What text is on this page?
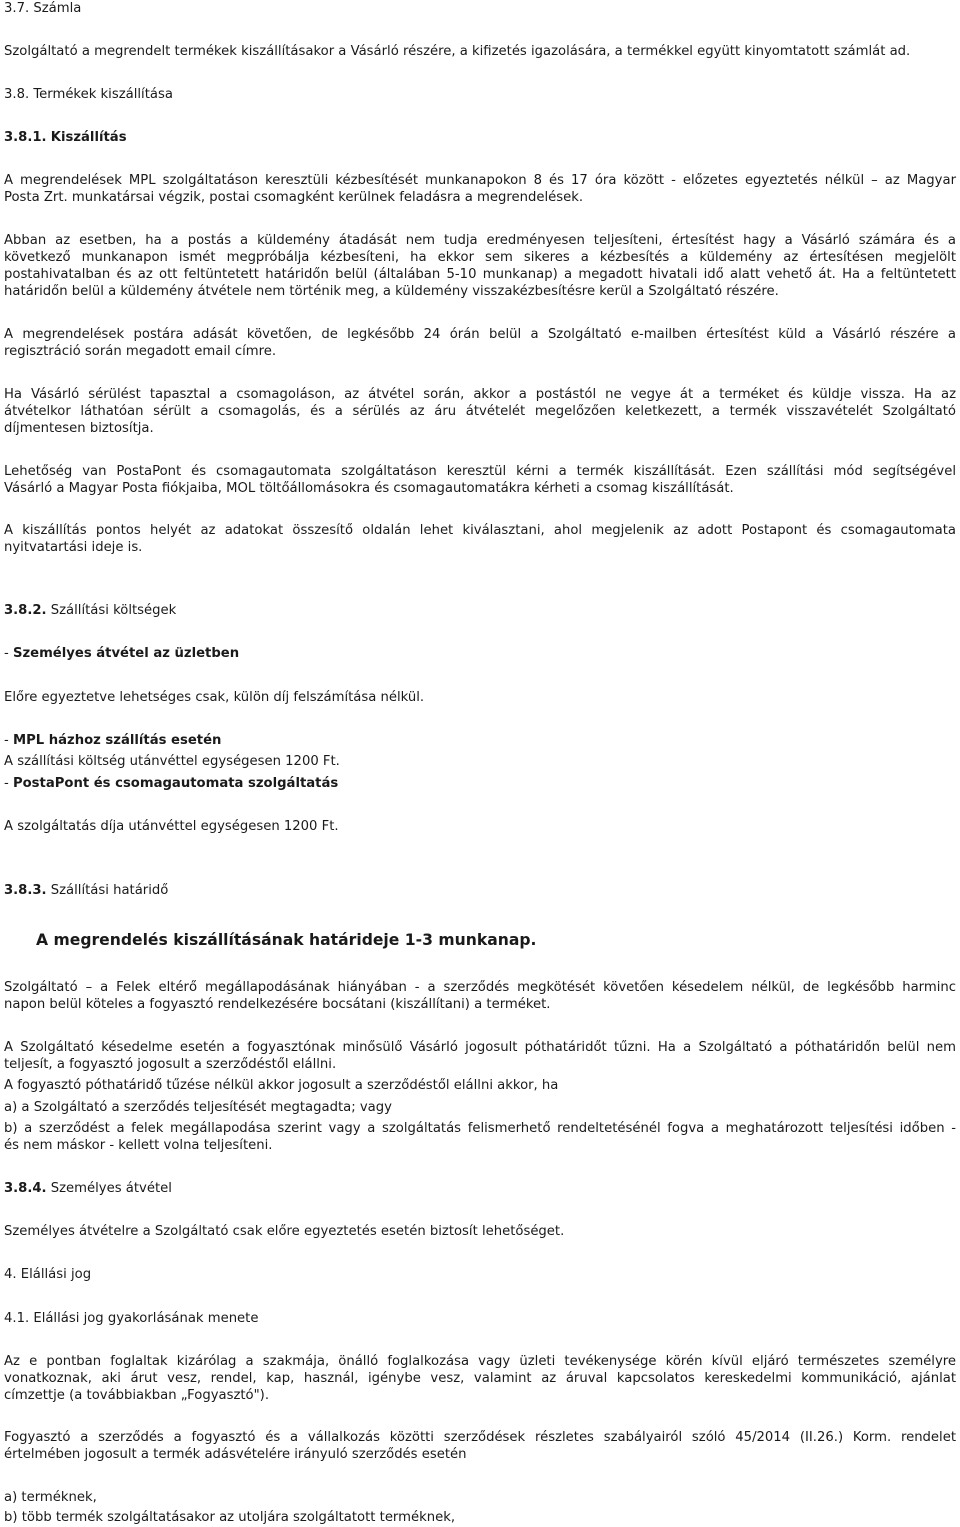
3.7. Számla
Szolgáltató a megrendelt termékek kiszállításakor a Vásárló részére, a kifizetés igazolására, a termékkel együtt kinyomtatott számlát ad.
3.8. Termékek kiszállítása
3.8.1. Kiszállítás
A megrendelések MPL szolgáltatáson keresztüli kézbesítését munkanapokon 8 és 17 óra között - előzetes egyeztetés nélkül – az Magyar
Posta Zrt. munkatársai végzik, postai csomagként kerülnek feladásra a megrendelések.
Abban az esetben, ha a postás a küldemény átadását nem tudja eredményesen teljesíteni, értesítést hagy a Vásárló számára és a
következő munkanapon ismét megpróbálja kézbesíteni, ha ekkor sem sikeres a kézbesítés a küldemény az értesítésen megjelölt
postahivatalban és az ott feltüntetett határidőn belül (általában 5-10 munkanap) a megadott hivatali idő alatt vehető át. Ha a feltüntetett
határidőn belül a küldemény átvétele nem történik meg, a küldemény visszakézbesítésre kerül a Szolgáltató részére.
A megrendelések postára adását követően, de legkésőbb 24 órán belül a Szolgáltató e-mailben értesítést küld a Vásárló részére a
regisztráció során megadott email címre.
Ha Vásárló sérülést tapasztal a csomagoláson, az átvétel során, akkor a postástól ne vegye át a terméket és küldje vissza. Ha az
átvételkor láthatóan sérült a csomagolás, és a sérülés az áru átvételét megelőzően keletkezett, a termék visszavételét Szolgáltató
díjmentesen biztosítja.
Lehetőség van PostaPont és csomagautomata szolgáltatáson keresztül kérni a termék kiszállítását. Ezen szállítási mód segítségével
Vásárló a Magyar Posta fiókjaiba, MOL töltőállomásokra és csomagautomatákra kérheti a csomag kiszállítását.
A kiszállítás pontos helyét az adatokat összesítő oldalán lehet kiválasztani, ahol megjelenik az adott Postapont és csomagautomata
nyitvatartási ideje is.
3.8.2. Szállítási költségek
- Személyes átvétel az üzletben
Előre egyeztetve lehetséges csak, külön díj felszámítása nélkül.
- MPL házhoz szállítás esetén
A szállítási költség utánvéttel egységesen 1200 Ft.
- PostaPont és csomagautomata szolgáltatás
A szolgáltatás díja utánvéttel egységesen 1200 Ft.
3.8.3. Szállítási határidő
A megrendelés kiszállításának határideje 1-3 munkanap.
Szolgáltató – a Felek eltérő megállapodásának hiányában - a szerződés megkötését követően késedelem nélkül, de legkésőbb harminc
napon belül köteles a fogyasztó rendelkezésére bocsátani (kiszállítani) a terméket.
A Szolgáltató késedelme esetén a fogyasztónak minősülő Vásárló jogosult póthatáridőt tűzni. Ha a Szolgáltató a póthatáridőn belül nem
teljesít, a fogyasztó jogosult a szerződéstől elállni.
A fogyasztó póthatáridő tűzése nélkül akkor jogosult a szerződéstől elállni akkor, ha
a) a Szolgáltató a szerződés teljesítését megtagadta; vagy
b) a szerződést a felek megállapodása szerint vagy a szolgáltatás felismerhető rendeltetésénél fogva a meghatározott teljesítési időben -
és nem máskor - kellett volna teljesíteni.
3.8.4. Személyes átvétel
Személyes átvételre a Szolgáltató csak előre egyeztetés esetén biztosít lehetőséget.
4. Elállási jog
4.1. Elállási jog gyakorlásának menete
Az e pontban foglaltak kizárólag a szakmája, önálló foglalkozása vagy üzleti tevékenysége körén kívül eljáró természetes személyre
vonatkoznak, aki árut vesz, rendel, kap, használ, igénybe vesz, valamint az áruval kapcsolatos kereskedelmi kommunikáció, ajánlat
címzettje (a továbbiakban „Fogyasztó").
Fogyasztó a szerződés a fogyasztó és a vállalkozás közötti szerződések részletes szabályairól szóló 45/2014 (II.26.) Korm. rendelet
értelmében jogosult a termék adásvételére irányuló szerződés esetén
a) terméknek,
b) több termék szolgáltatásakor az utoljára szolgáltatott terméknek,
